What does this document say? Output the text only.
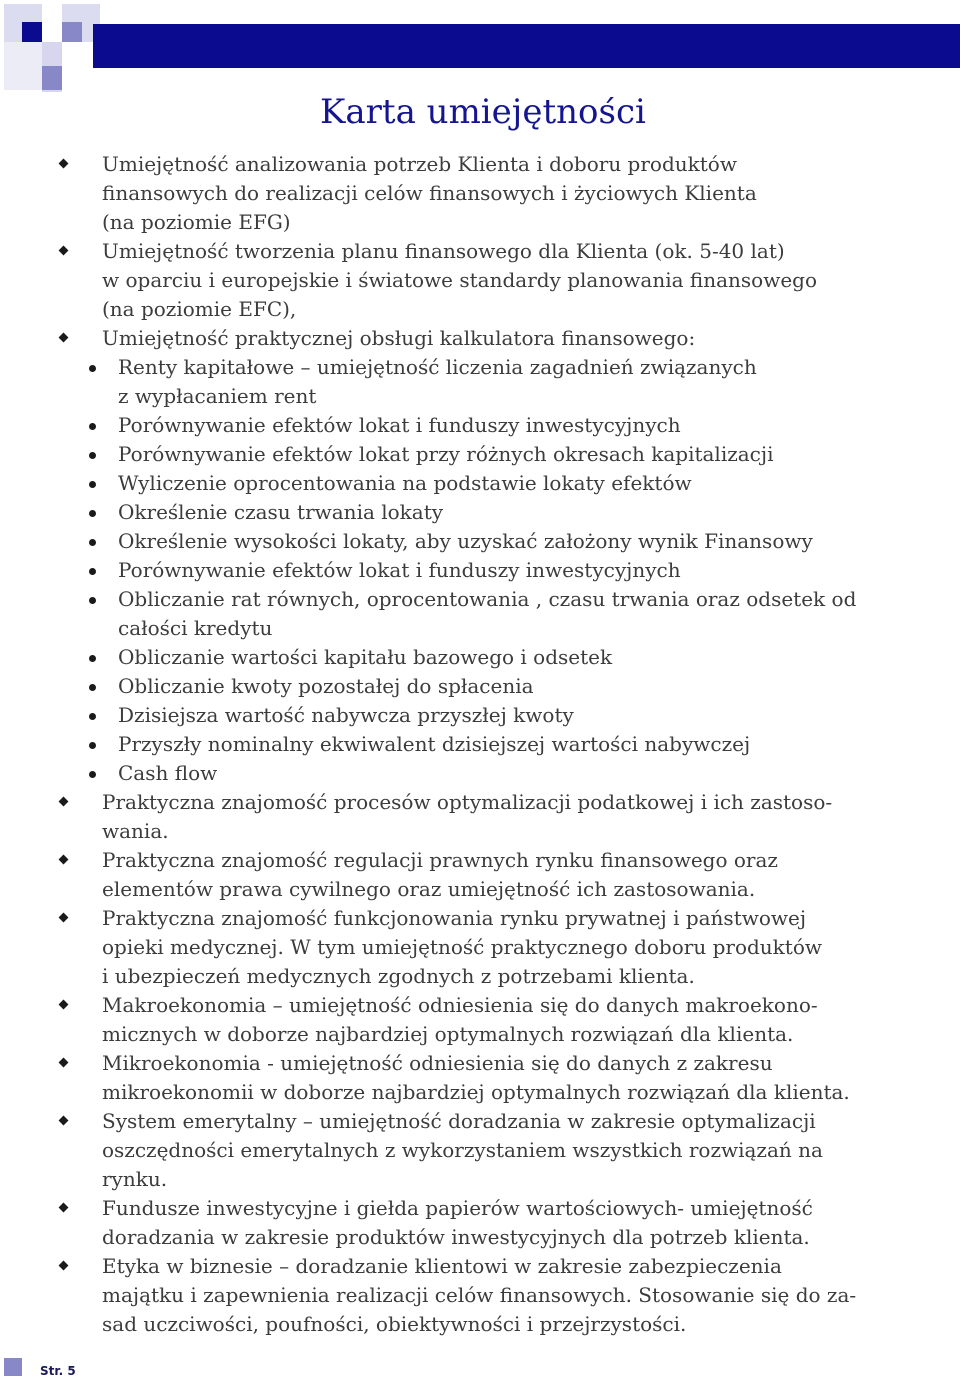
Karta umiejętności
Umiejętność analizowania potrzeb Klienta i doboru produktów
finansowych do realizacji celów finansowych i życiowych Klienta
(na poziomie EFG)
Umiejętność tworzenia planu finansowego dla Klienta (ok. 5-40 lat)
w oparciu i europejskie i światowe standardy planowania finansowego
(na poziomie EFC),
Umiejętność praktycznej obsługi kalkulatora finansowego:
Renty kapitałowe – umiejętność liczenia zagadnień związanych
z wypłacaniem rent
Porównywanie efektów lokat i funduszy inwestycyjnych
Porównywanie efektów lokat przy różnych okresach kapitalizacji
Wyliczenie oprocentowania na podstawie lokaty efektów
Określenie czasu trwania lokaty
Określenie wysokości lokaty, aby uzyskać założony wynik Finansowy
Porównywanie efektów lokat i funduszy inwestycyjnych
Obliczanie rat równych, oprocentowania , czasu trwania oraz odsetek od
całości kredytu
Obliczanie wartości kapitału bazowego i odsetek
Obliczanie kwoty pozostałej do spłacenia
Dzisiejsza wartość nabywcza przyszłej kwoty
Przyszły nominalny ekwiwalent dzisiejszej wartości nabywczej
Cash flow
Praktyczna znajomość procesów optymalizacji podatkowej i ich zastoso-
wania.
Praktyczna znajomość regulacji prawnych rynku finansowego oraz
elementów prawa cywilnego oraz umiejętność ich zastosowania.
Praktyczna znajomość funkcjonowania rynku prywatnej i państwowej
opieki medycznej. W tym umiejętność praktycznego doboru produktów
i ubezpieczeń medycznych zgodnych z potrzebami klienta.
Makroekonomia – umiejętność odniesienia się do danych makroekono-
micznych w doborze najbardziej optymalnych rozwiązań dla klienta.
Mikroekonomia - umiejętność odniesienia się do danych z zakresu
mikroekonomii w doborze najbardziej optymalnych rozwiązań dla klienta.
System emerytalny – umiejętność doradzania w zakresie optymalizacji
oszczędności emerytalnych z wykorzystaniem wszystkich rozwiązań na
rynku.
Fundusze inwestycyjne i giełda papierów wartościowych- umiejętność
doradzania w zakresie produktów inwestycyjnych dla potrzeb klienta.
Etyka w biznesie – doradzanie klientowi w zakresie zabezpieczenia
majątku i zapewnienia realizacji celów finansowych. Stosowanie się do za-
sad uczciwości, poufności, obiektywności i przejrzystości.
Str. 5
